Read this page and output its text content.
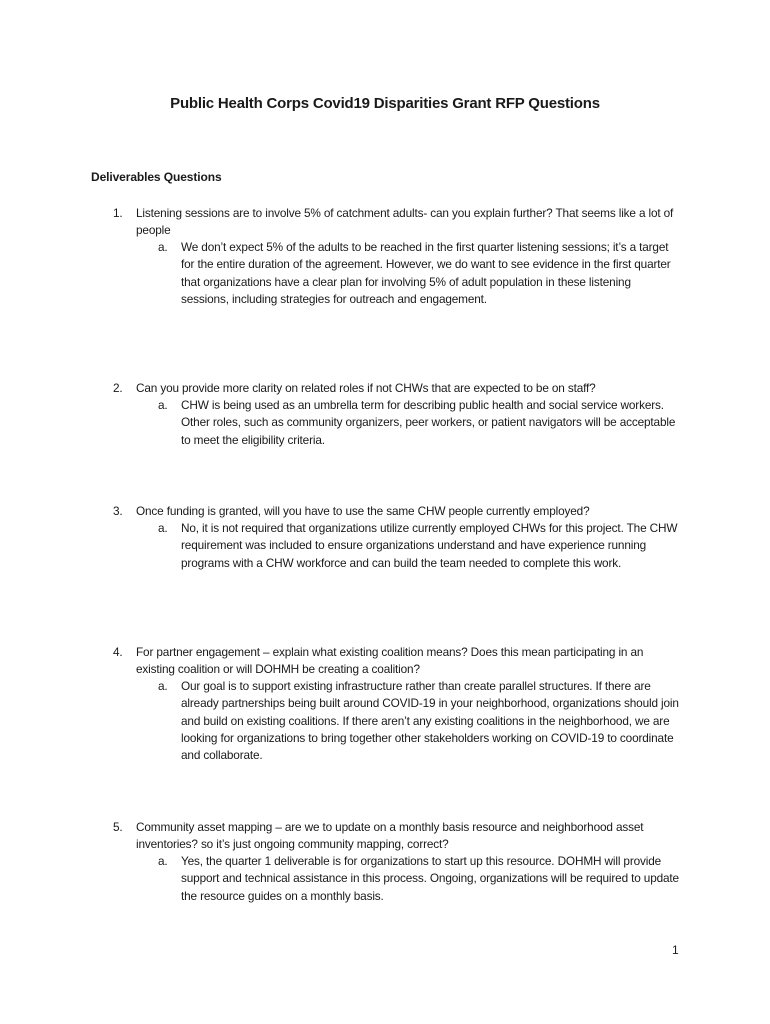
Public Health Corps Covid19 Disparities Grant RFP Questions
Deliverables Questions
1. Listening sessions are to involve 5% of catchment adults- can you explain further? That seems like a lot of people
a. We don’t expect 5% of the adults to be reached in the first quarter listening sessions; it’s a target for the entire duration of the agreement. However, we do want to see evidence in the first quarter that organizations have a clear plan for involving 5% of adult population in these listening sessions, including strategies for outreach and engagement.
2. Can you provide more clarity on related roles if not CHWs that are expected to be on staff?
a. CHW is being used as an umbrella term for describing public health and social service workers. Other roles, such as community organizers, peer workers, or patient navigators will be acceptable to meet the eligibility criteria.
3. Once funding is granted, will you have to use the same CHW people currently employed?
a. No, it is not required that organizations utilize currently employed CHWs for this project. The CHW requirement was included to ensure organizations understand and have experience running programs with a CHW workforce and can build the team needed to complete this work.
4. For partner engagement – explain what existing coalition means? Does this mean participating in an existing coalition or will DOHMH be creating a coalition?
a. Our goal is to support existing infrastructure rather than create parallel structures. If there are already partnerships being built around COVID-19 in your neighborhood, organizations should join and build on existing coalitions. If there aren’t any existing coalitions in the neighborhood, we are looking for organizations to bring together other stakeholders working on COVID-19 to coordinate and collaborate.
5. Community asset mapping – are we to update on a monthly basis resource and neighborhood asset inventories? so it’s just ongoing community mapping, correct?
a. Yes, the quarter 1 deliverable is for organizations to start up this resource. DOHMH will provide support and technical assistance in this process. Ongoing, organizations will be required to update the resource guides on a monthly basis.
1
